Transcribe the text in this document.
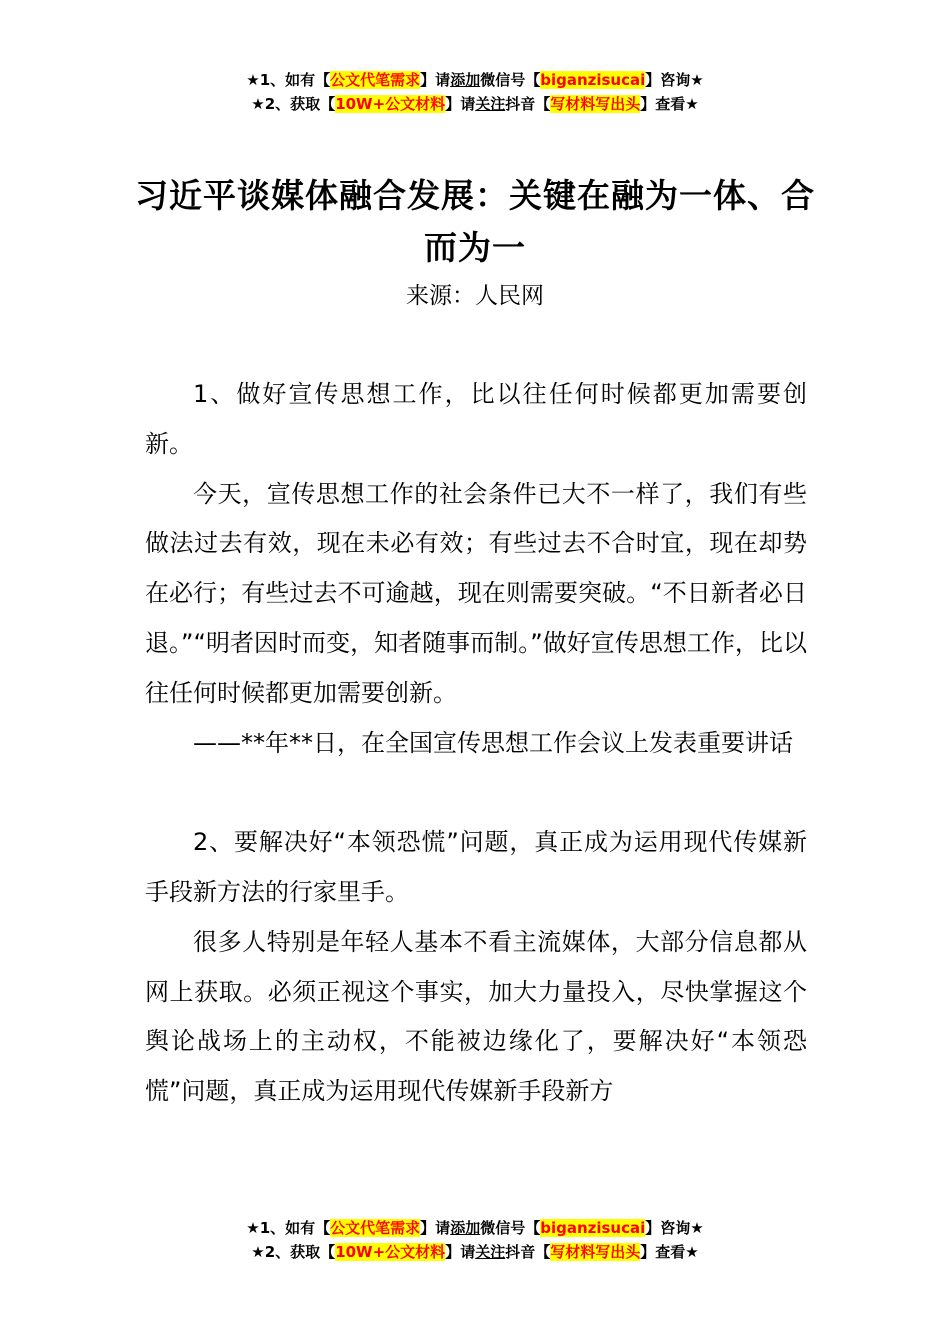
★1、如有【公文代笔需求】请添加微信号【biganzisucai】咨询★
★2、获取【10W+公文材料】请关注抖音【写材料写出头】查看★
习近平谈媒体融合发展：关键在融为一体、合而为一
来源：人民网

1、做好宣传思想工作，比以往任何时候都更加需要创新。

今天，宣传思想工作的社会条件已大不一样了，我们有些做法过去有效，现在未必有效；有些过去不合时宜，现在却势在必行；有些过去不可逾越，现在则需要突破。“不日新者必日退。”“明者因时而变，知者随事而制。”做好宣传思想工作，比以往任何时候都更加需要创新。

——**年**日，在全国宣传思想工作会议上发表重要讲话

2、要解决好“本领恐慌”问题，真正成为运用现代传媒新手段新方法的行家里手。

很多人特别是年轻人基本不看主流媒体，大部分信息都从网上获取。必须正视这个事实，加大力量投入，尽快掌握这个舆论战场上的主动权，不能被边缘化了，要解决好“本领恐慌”问题，真正成为运用现代传媒新手段新方

★1、如有【公文代笔需求】请添加微信号【biganzisucai】咨询★
★2、获取【10W+公文材料】请关注抖音【写材料写出头】查看★
